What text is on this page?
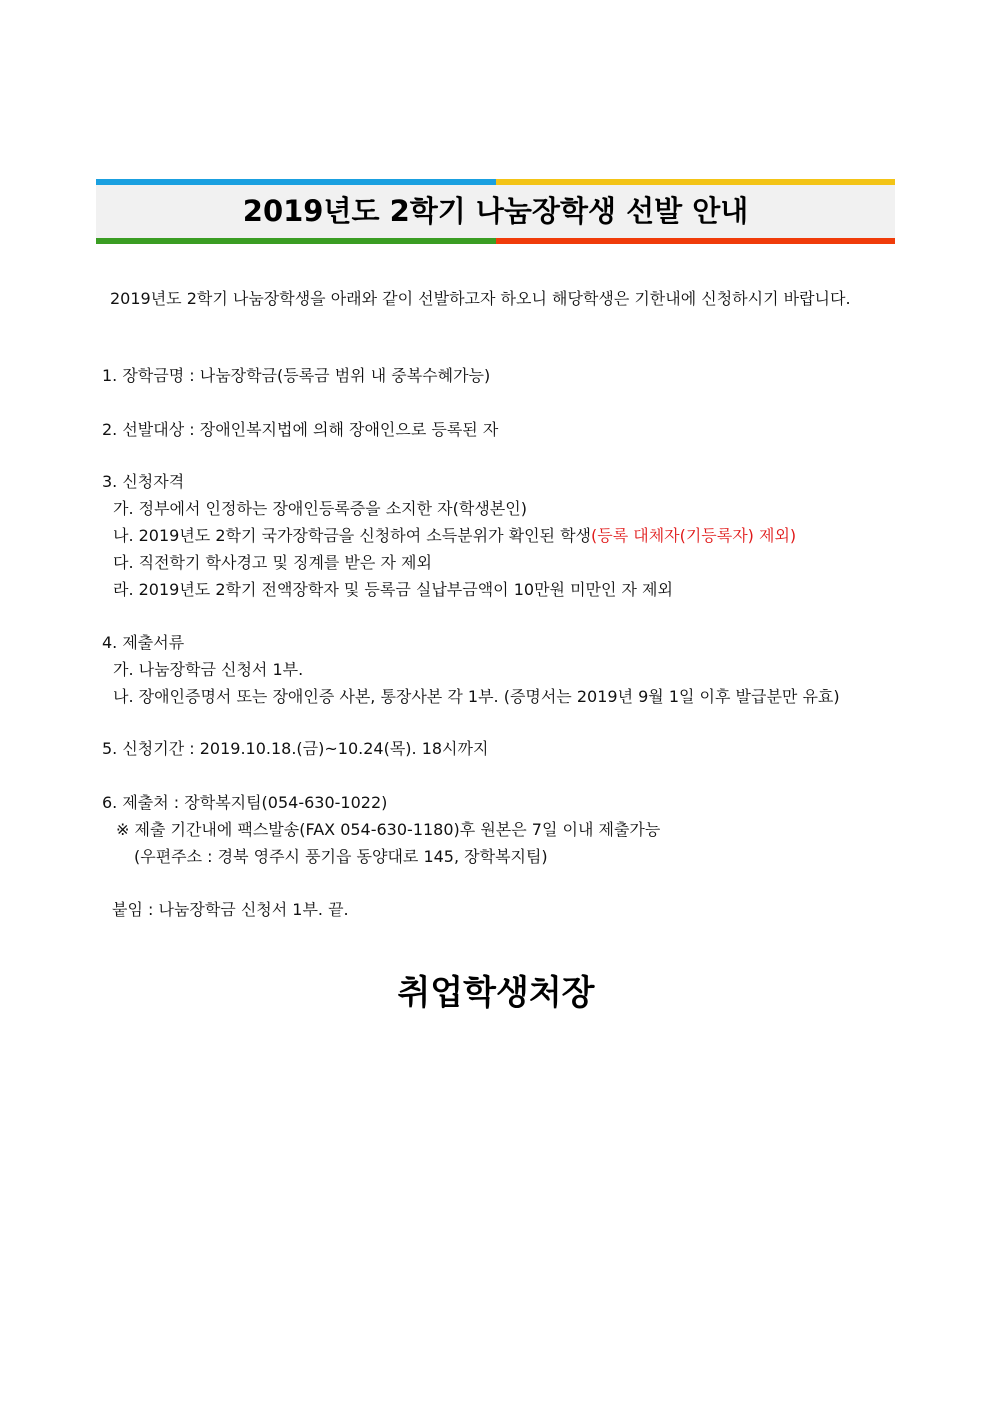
2019년도 2학기 나눔장학생 선발 안내
2019년도 2학기 나눔장학생을 아래와 같이 선발하고자 하오니 해당학생은 기한내에 신청하시기 바랍니다.
1. 장학금명 : 나눔장학금(등록금 범위 내 중복수혜가능)
2. 선발대상 : 장애인복지법에 의해 장애인으로 등록된 자
3. 신청자격
가. 정부에서 인정하는 장애인등록증을 소지한 자(학생본인)
나. 2019년도 2학기 국가장학금을 신청하여 소득분위가 확인된 학생(등록 대체자(기등록자) 제외)
다. 직전학기 학사경고 및 징계를 받은 자 제외
라. 2019년도 2학기 전액장학자 및 등록금 실납부금액이 10만원 미만인 자 제외
4. 제출서류
가. 나눔장학금 신청서 1부.
나. 장애인증명서 또는 장애인증 사본, 통장사본 각 1부. (증명서는 2019년 9월 1일 이후 발급분만 유효)
5. 신청기간 : 2019.10.18.(금)~10.24(목). 18시까지
6. 제출처 : 장학복지팀(054-630-1022)
※ 제출 기간내에 팩스발송(FAX 054-630-1180)후 원본은 7일 이내 제출가능
(우편주소 : 경북 영주시 풍기읍 동양대로 145, 장학복지팀)
붙임 : 나눔장학금 신청서 1부. 끝.
취업학생처장
